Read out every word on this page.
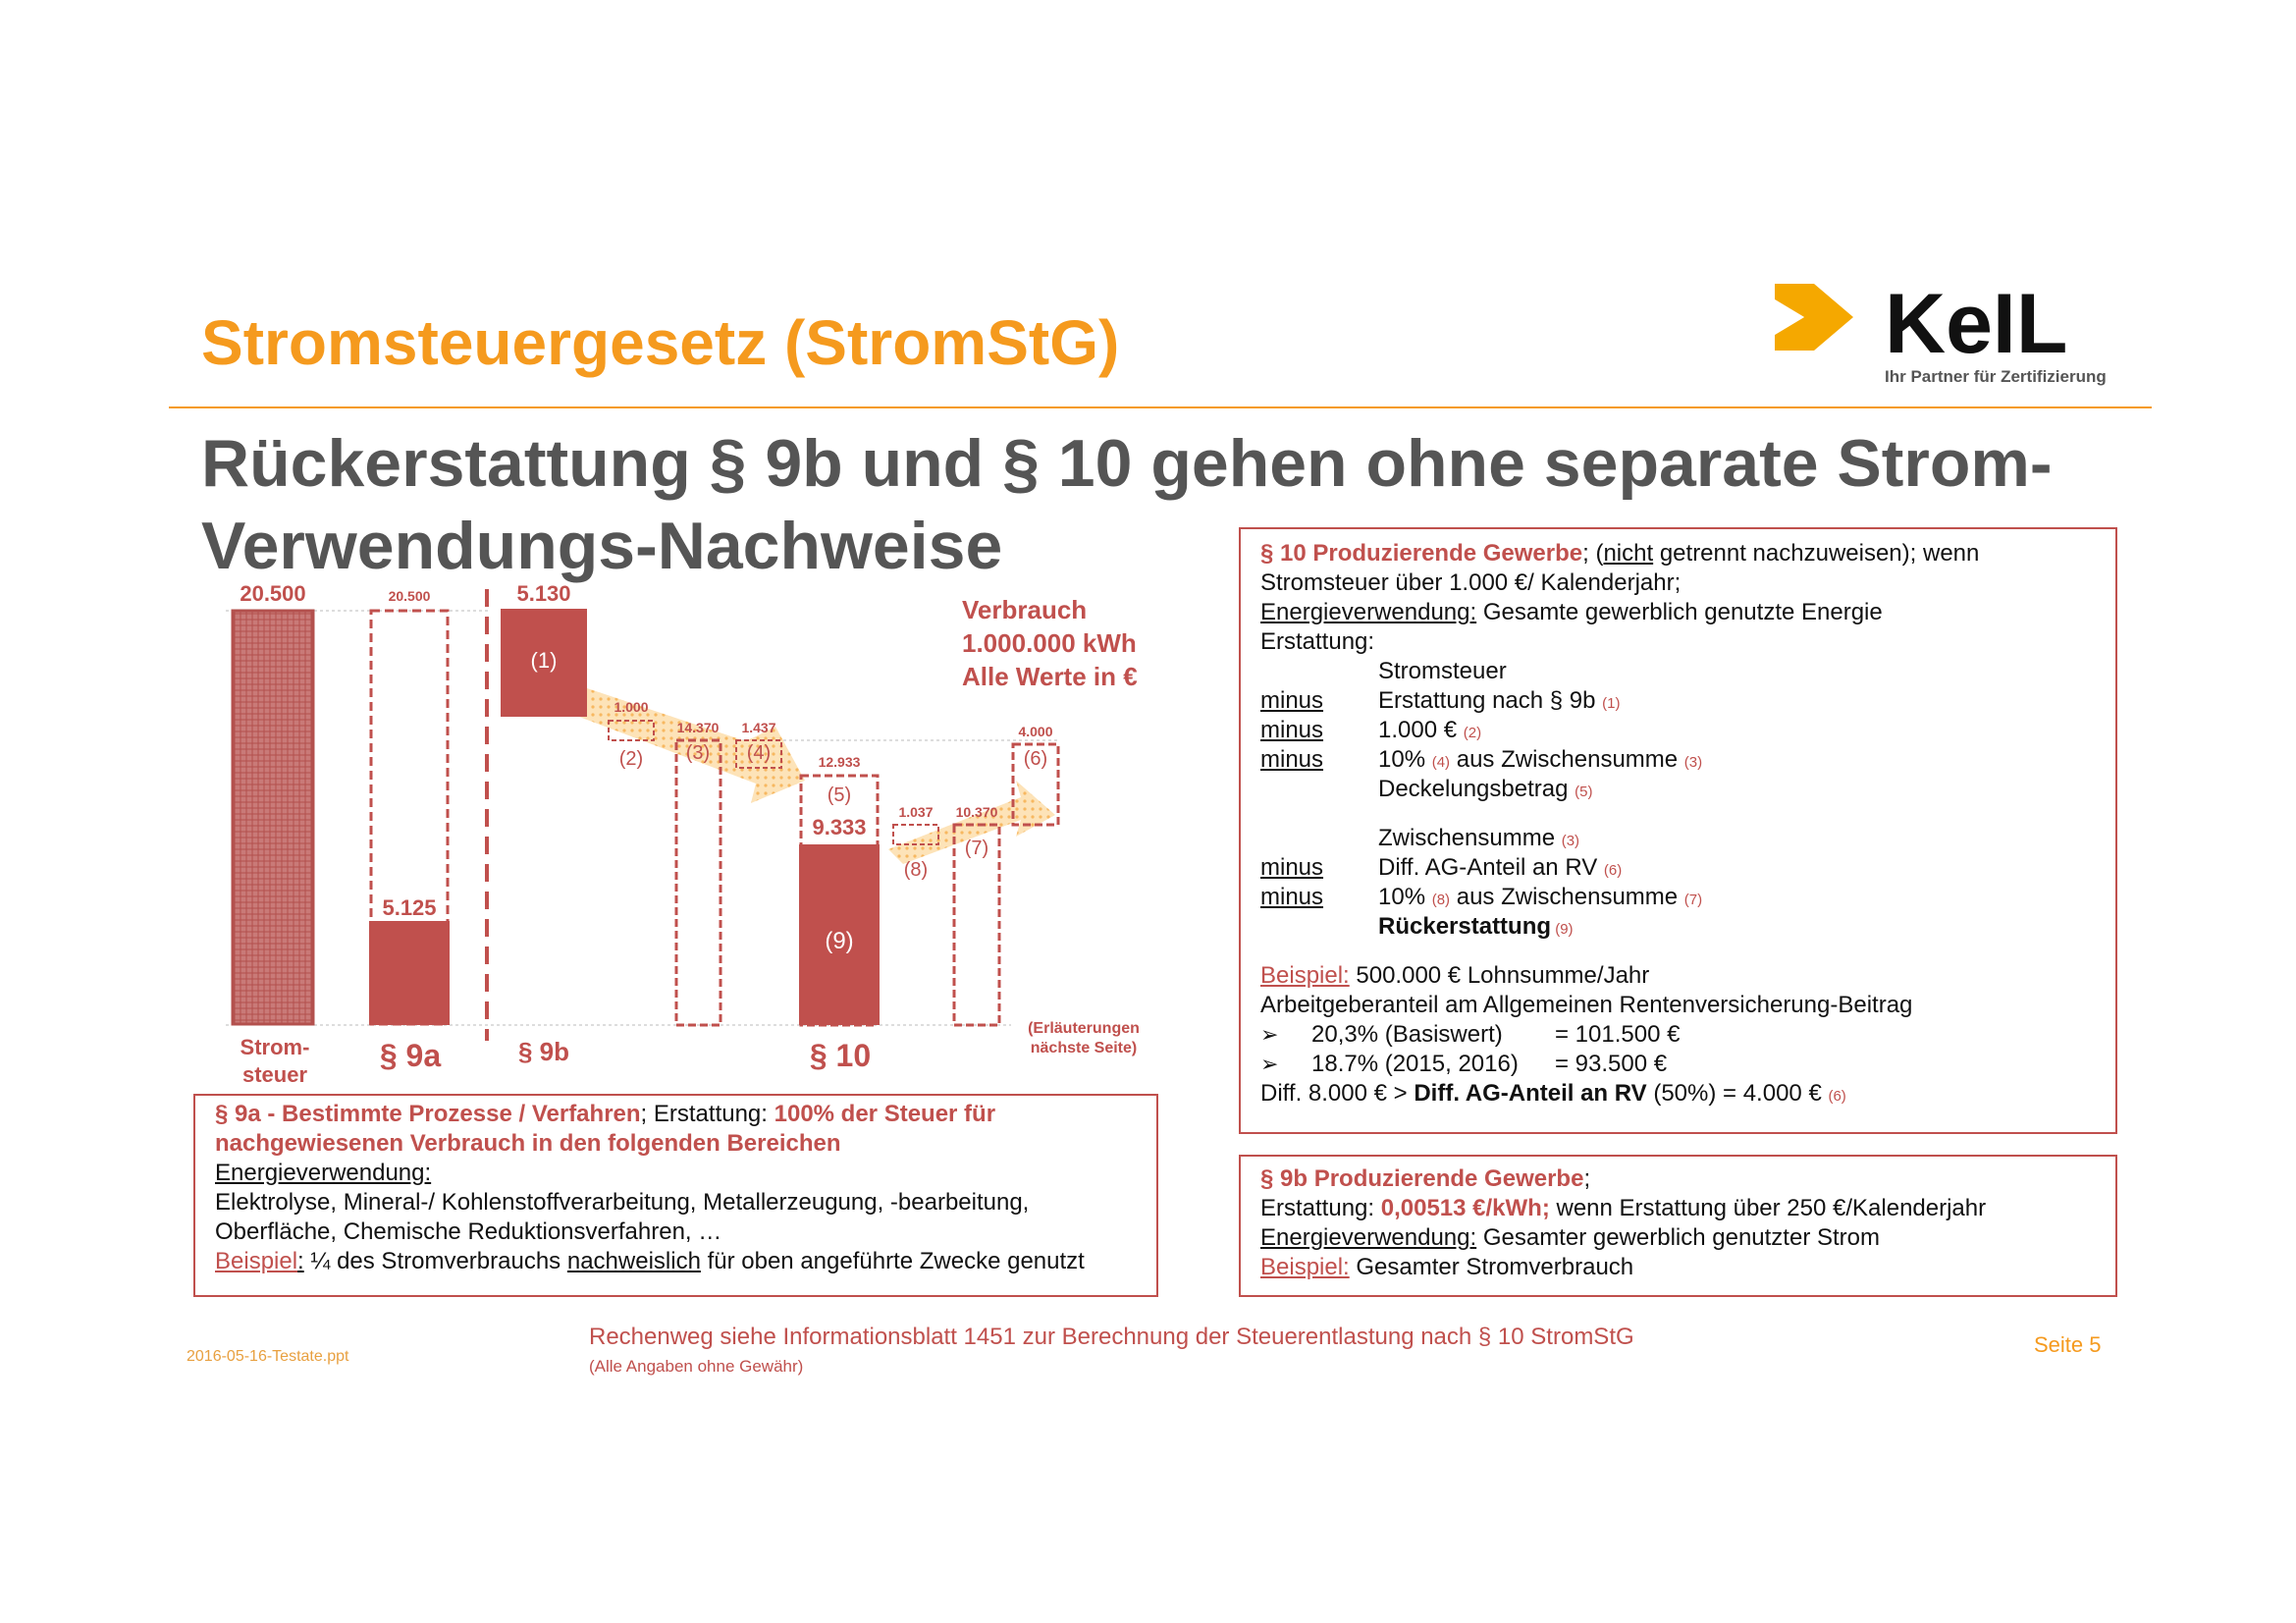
Stromsteuergesetz (StromStG)
Rückerstattung § 9b und § 10 gehen ohne separate Strom-
Verwendungs-Nachweise
KeIL
Ihr Partner für Zertifizierung
20.500	20.500
5.125
5.130
1.000
14.370 1.437
12.933
9.333
1.037 10.370
4.000
(1)
(2) (3) (4)
(5)
(9)
(8)
(7)
(6)
Verbrauch
1.000.000 kWh
Alle Werte in €
Strom-
steuer
§ 9a	§ 9b	§ 10
(Erläuterungen
nächste Seite)
§ 9a - Bestimmte Prozesse / Verfahren; Erstattung: 100% der Steuer für
nachgewiesenen Verbrauch in den folgenden Bereichen
Energieverwendung:
Elektrolyse, Mineral-/ Kohlenstoffverarbeitung, Metallerzeugung, -bearbeitung,
Oberfläche, Chemische Reduktionsverfahren, …
Beispiel: ¼ des Stromverbrauchs nachweislich für oben angeführte Zwecke genutzt
§ 10 Produzierende Gewerbe; (nicht getrennt nachzuweisen); wenn
Stromsteuer über 1.000 €/ Kalenderjahr;
Energieverwendung: Gesamte gewerblich genutzte Energie
Erstattung:
Stromsteuer
minus Erstattung nach § 9b (1)
minus 1.000 € (2)
minus 10% (4) aus Zwischensumme (3)
Deckelungsbetrag (5)
Zwischensumme (3)
minus Diff. AG-Anteil an RV (6)
minus 10% (8) aus Zwischensumme (7)
Rückerstattung (9)
Beispiel: 500.000 € Lohnsumme/Jahr
Arbeitgeberanteil am Allgemeinen Rentenversicherung-Beitrag
➢ 20,3% (Basiswert) = 101.500 €
➢ 18.7% (2015, 2016) = 93.500 €
Diff. 8.000 € > Diff. AG-Anteil an RV (50%) = 4.000 € (6)
§ 9b Produzierende Gewerbe;
Erstattung: 0,00513 €/kWh; wenn Erstattung über 250 €/Kalenderjahr
Energieverwendung: Gesamter gewerblich genutzter Strom
Beispiel: Gesamter Stromverbrauch
2016-05-16-Testate.ppt
Rechenweg siehe Informationsblatt 1451 zur Berechnung der Steuerentlastung nach § 10 StromStG
(Alle Angaben ohne Gewähr)
Seite 5
